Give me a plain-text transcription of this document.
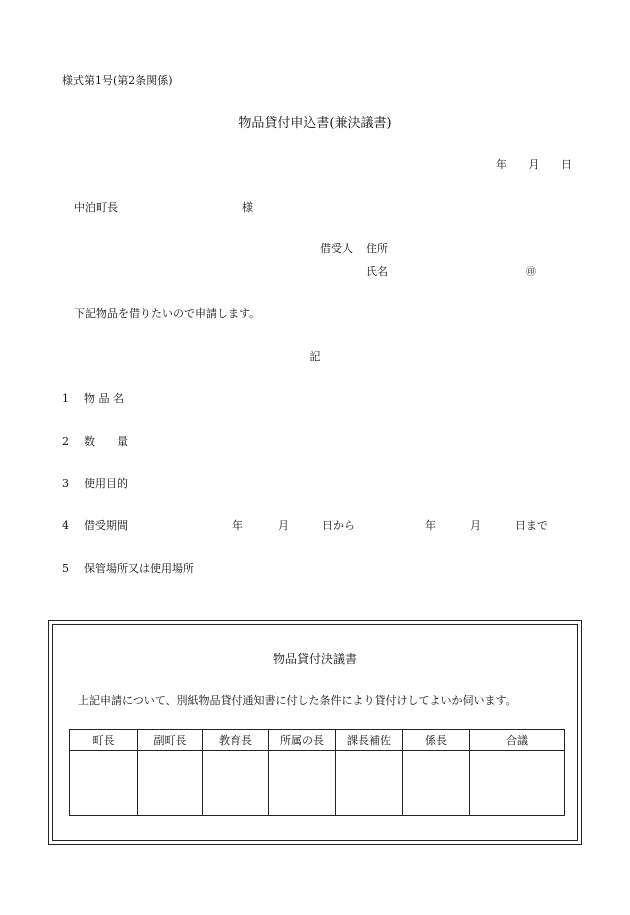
様式第1号(第2条関係)
物品貸付申込書(兼決議書)
年 月 日
中泊町長	様
借受人 住所
氏名	㊞
下記物品を借りたいので申請します。
記
1 物 品 名
2 数　　量
3 使用目的
4 借受期間	年	月	日から	年	月	日まで
5 保管場所又は使用場所
物品貸付決議書
上記申請について、別紙物品貸付通知書に付した条件により貸付けしてよいか伺います。
町長	副町長	教育長	所属の長	課長補佐	係長	合議
